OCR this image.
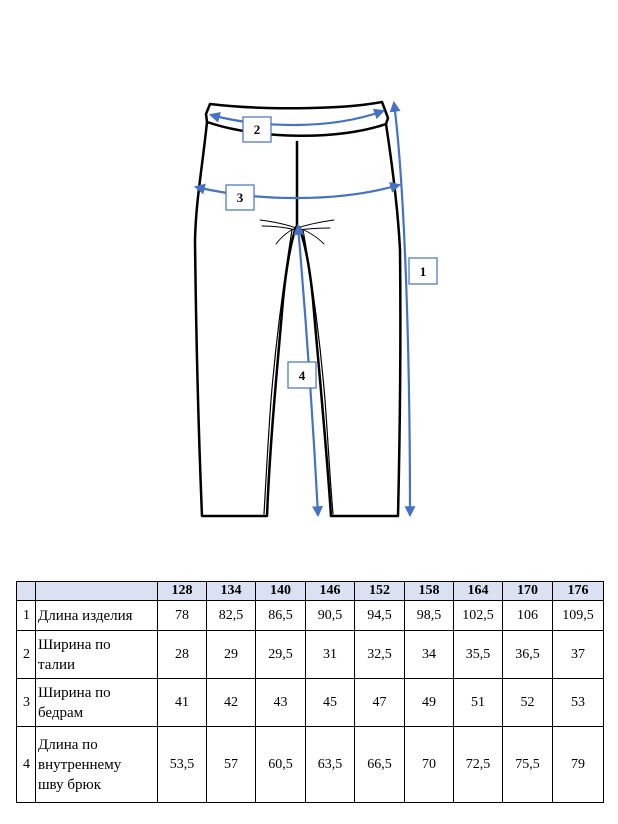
2
3
1
4
		128	134	140	146	152	158	164	170	176
1	Длина изделия	78	82,5	86,5	90,5	94,5	98,5	102,5	106	109,5
2	Ширина по
талии	28	29	29,5	31	32,5	34	35,5	36,5	37
3	Ширина по
бедрам	41	42	43	45	47	49	51	52	53
4	Длина по
внутреннему
шву брюк	53,5	57	60,5	63,5	66,5	70	72,5	75,5	79
